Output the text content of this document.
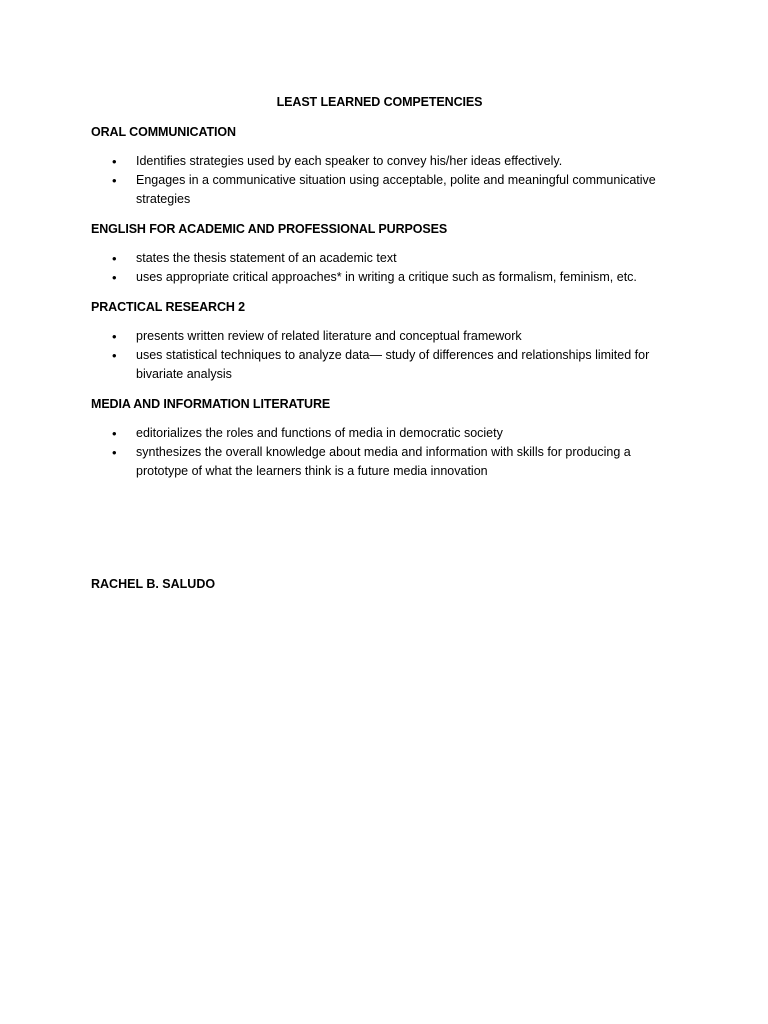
LEAST LEARNED COMPETENCIES
ORAL COMMUNICATION
• Identifies strategies used by each speaker to convey his/her ideas effectively.
• Engages in a communicative situation using acceptable, polite and meaningful communicative strategies
ENGLISH FOR ACADEMIC AND PROFESSIONAL PURPOSES
• states the thesis statement of an academic text
• uses appropriate critical approaches* in writing a critique such as formalism, feminism, etc.
PRACTICAL RESEARCH 2
• presents written review of related literature and conceptual framework
• uses statistical techniques to analyze data— study of differences and relationships limited for bivariate analysis
MEDIA AND INFORMATION LITERATURE
• editorializes the roles and functions of media in democratic society
• synthesizes the overall knowledge about media and information with skills for producing a prototype of what the learners think is a future media innovation
RACHEL B. SALUDO
